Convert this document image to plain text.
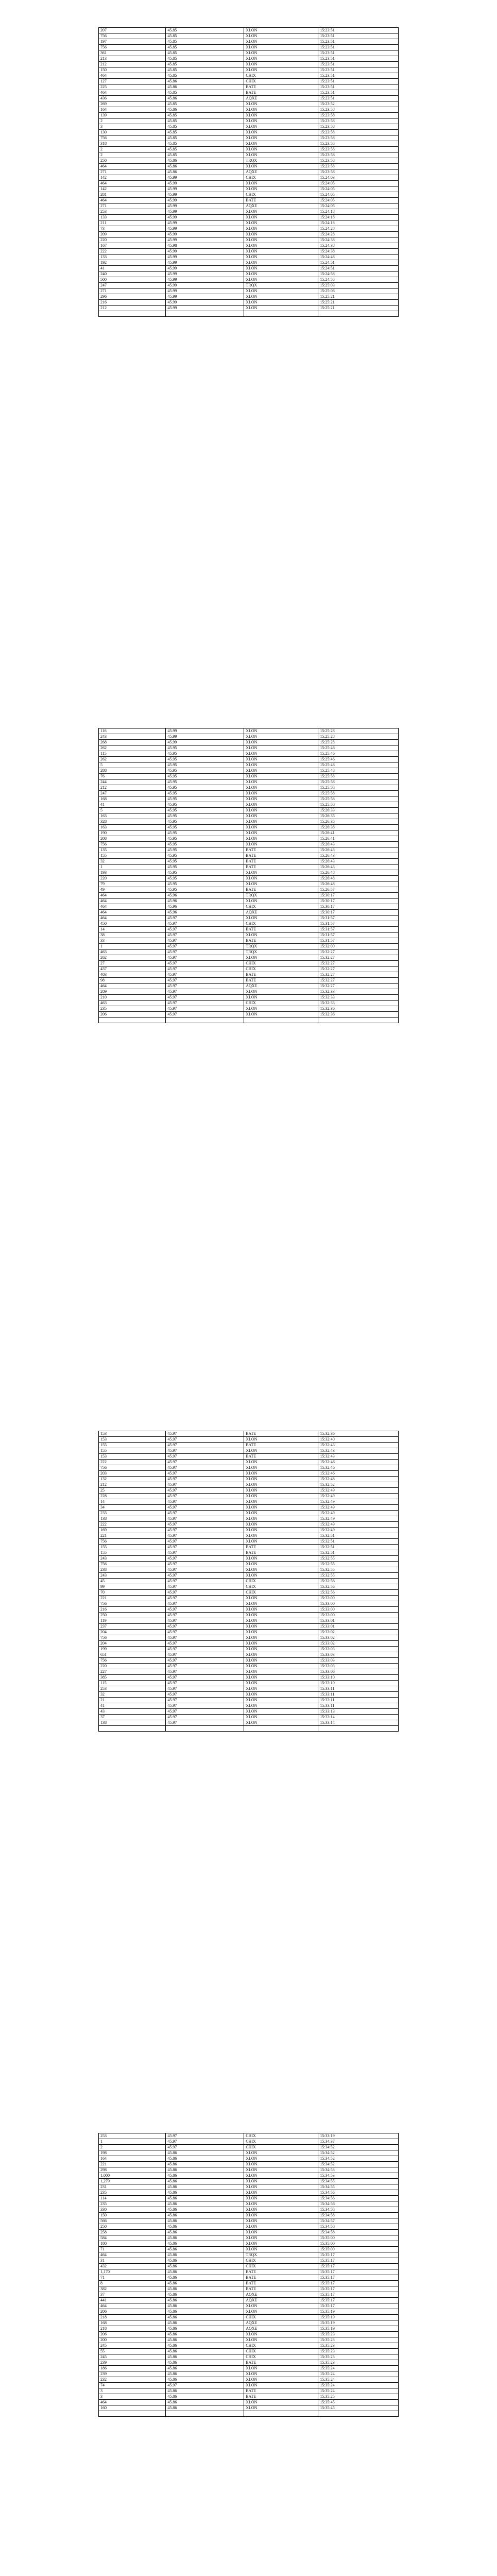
207	45.85	XLON	15:23:51
756	45.85	XLON	15:23:51
197	45.85	XLON	15:23:51
756	45.85	XLON	15:23:51
361	45.85	XLON	15:23:51
213	45.85	XLON	15:23:51
212	45.85	XLON	15:23:51
150	45.85	XLON	15:23:51
464	45.85	CHIX	15:23:51
127	45.86	CHIX	15:23:51
225	45.86	BATE	15:23:51
464	45.85	BATE	15:23:51
436	45.86	AQXE	15:23:51
269	45.85	XLON	15:23:52
164	45.86	XLON	15:23:58
139	45.85	XLON	15:23:58
2	45.85	XLON	15:23:58
3	45.85	XLON	15:23:58
130	45.85	XLON	15:23:58
756	45.85	XLON	15:23:58
318	45.85	XLON	15:23:58
2	45.85	XLON	15:23:58
2	45.85	XLON	15:23:58
250	45.86	TRQX	15:23:58
464	45.86	XLON	15:23:58
271	45.86	AQXE	15:23:58
142	45.99	CHIX	15:24:03
464	45.99	XLON	15:24:05
142	45.99	XLON	15:24:05
281	45.99	CHIX	15:24:05
464	45.99	BATE	15:24:05
271	45.99	AQXE	15:24:05
253	45.99	XLON	15:24:18
133	45.99	XLON	15:24:18
211	45.99	XLON	15:24:18
73	45.99	XLON	15:24:28
209	45.99	XLON	15:24:28
220	45.99	XLON	15:24:38
167	45.98	XLON	15:24:38
222	45.99	XLON	15:24:38
133	45.99	XLON	15:24:48
192	45.99	XLON	15:24:51
41	45.99	XLON	15:24:51
240	45.99	XLON	15:24:58
500	45.99	XLON	15:24:58
247	45.99	TRQX	15:25:03
271	45.99	XLON	15:25:08
296	45.99	XLON	15:25:21
216	45.99	XLON	15:25:21
212	45.99	XLON	15:25:21

116	45.99	XLON	15:25:28
243	45.99	XLON	15:25:28
268	45.99	XLON	15:25:28
262	45.95	XLON	15:25:46
115	45.95	XLON	15:25:46
262	45.95	XLON	15:25:46
5	45.95	XLON	15:25:48
288	45.95	XLON	15:25:48
76	45.95	XLON	15:25:58
244	45.95	XLON	15:25:58
212	45.95	XLON	15:25:58
247	45.95	XLON	15:25:58
168	45.95	XLON	15:25:58
41	45.95	XLON	15:25:58
5	45.95	XLON	15:26:33
163	45.95	XLON	15:26:35
328	45.95	XLON	15:26:35
163	45.95	XLON	15:26:38
190	45.95	XLON	15:26:41
208	45.95	XLON	15:26:41
756	45.95	XLON	15:26:43
135	45.95	BATE	15:26:43
155	45.95	BATE	15:26:43
32	45.95	BATE	15:26:43
1	45.95	BATE	15:26:43
193	45.95	XLON	15:26:48
220	45.95	XLON	15:26:48
79	45.95	XLON	15:26:48
49	45.95	BATE	15:26:57
464	45.96	TRQX	15:30:17
464	45.96	XLON	15:30:17
464	45.96	CHIX	15:30:17
464	45.96	AQXE	15:30:17
464	45.97	XLON	15:31:57
450	45.97	CHIX	15:31:57
14	45.97	BATE	15:31:57
38	45.97	XLON	15:31:57
33	45.97	BATE	15:31:57
1	45.97	TRQX	15:32:00
463	45.97	TRQX	15:32:27
262	45.97	XLON	15:32:27
27	45.97	CHIX	15:32:27
437	45.97	CHIX	15:32:27
403	45.97	BATE	15:32:27
98	45.97	BATE	15:32:27
464	45.97	AQXE	15:32:27
209	45.97	XLON	15:32:33
210	45.97	XLON	15:32:33
463	45.97	CHIX	15:32:33
235	45.97	XLON	15:32:36
206	45.97	XLON	15:32:36

153	45.97	BATE	15:32:36
153	45.97	XLON	15:32:40
155	45.97	BATE	15:32:43
155	45.97	XLON	15:32:43
153	45.97	BATE	15:32:43
222	45.97	XLON	15:32:46
756	45.97	XLON	15:32:46
203	45.97	XLON	15:32:46
132	45.97	XLON	15:32:48
212	45.97	XLON	15:32:52
25	45.97	XLON	15:32:49
228	45.97	XLON	15:32:49
14	45.97	XLON	15:32:49
34	45.97	XLON	15:32:49
233	45.97	XLON	15:32:49
138	45.97	XLON	15:32:49
222	45.97	XLON	15:32:49
169	45.97	XLON	15:32:49
221	45.97	XLON	15:32:51
756	45.97	XLON	15:32:51
155	45.97	BATE	15:32:51
155	45.97	BATE	15:32:51
243	45.97	XLON	15:32:55
756	45.97	XLON	15:32:55
238	45.97	XLON	15:32:55
243	45.97	XLON	15:32:55
45	45.97	CHIX	15:32:56
99	45.97	CHIX	15:32:56
70	45.97	CHIX	15:32:56
221	45.97	XLON	15:33:00
756	45.97	XLON	15:33:00
216	45.97	XLON	15:33:00
250	45.97	XLON	15:33:00
119	45.97	XLON	15:33:01
237	45.97	XLON	15:33:01
204	45.97	XLON	15:33:02
756	45.97	XLON	15:33:02
204	45.97	XLON	15:33:02
199	45.97	XLON	15:33:03
651	45.97	XLON	15:33:03
756	45.97	XLON	15:33:03
220	45.97	XLON	15:33:03
227	45.97	XLON	15:33:06
385	45.97	XLON	15:33:10
115	45.97	XLON	15:33:10
253	45.97	XLON	15:33:11
32	45.97	XLON	15:33:11
21	45.97	XLON	15:33:11
41	45.97	XLON	15:33:11
43	45.97	XLON	15:33:13
37	45.97	XLON	15:33:14
138	45.97	XLON	15:33:14

253	45.97	CHIX	15:33:19
1	45.97	CHIX	15:34:37
2	45.97	CHIX	15:34:52
198	45.86	XLON	15:34:52
164	45.86	XLON	15:34:52
221	45.86	XLON	15:34:52
298	45.86	XLON	15:34:53
1,000	45.86	XLON	15:34:53
1,279	45.86	XLON	15:34:55
231	45.86	XLON	15:34:55
235	45.86	XLON	15:34:56
114	45.86	XLON	15:34:56
235	45.86	XLON	15:34:56
330	45.86	XLON	15:34:58
150	45.86	XLON	15:34:58
566	45.86	XLON	15:34:57
250	45.86	XLON	15:34:58
258	45.86	XLON	15:34:58
584	45.86	XLON	15:35:00
180	45.86	XLON	15:35:00
71	45.86	XLON	15:35:00
464	45.86	TRQX	15:35:17
31	45.86	CHIX	15:35:17
432	45.86	CHIX	15:35:17
1,170	45.86	BATE	15:35:17
71	45.86	BATE	15:35:17
8	45.86	BATE	15:35:17
382	45.86	BATE	15:35:17
37	45.86	AQXE	15:35:17
441	45.86	AQXE	15:35:17
464	45.86	XLON	15:35:17
206	45.86	XLON	15:35:19
218	45.86	CHIX	15:35:19
168	45.86	AQXE	15:35:19
218	45.86	AQXE	15:35:19
206	45.86	XLON	15:35:23
200	45.86	XLON	15:35:23
245	45.86	CHIX	15:35:23
55	45.86	CHIX	15:35:23
245	45.86	CHIX	15:35:23
239	45.86	BATE	15:35:23
186	45.86	XLON	15:35:24
239	45.86	XLON	15:35:24
232	45.86	XLON	15:35:24
74	45.97	XLON	15:35:24
3	45.86	BATE	15:35:24
3	45.86	BATE	15:35:25
464	45.86	XLON	15:35:45
160	45.86	XLON	15:35:45
